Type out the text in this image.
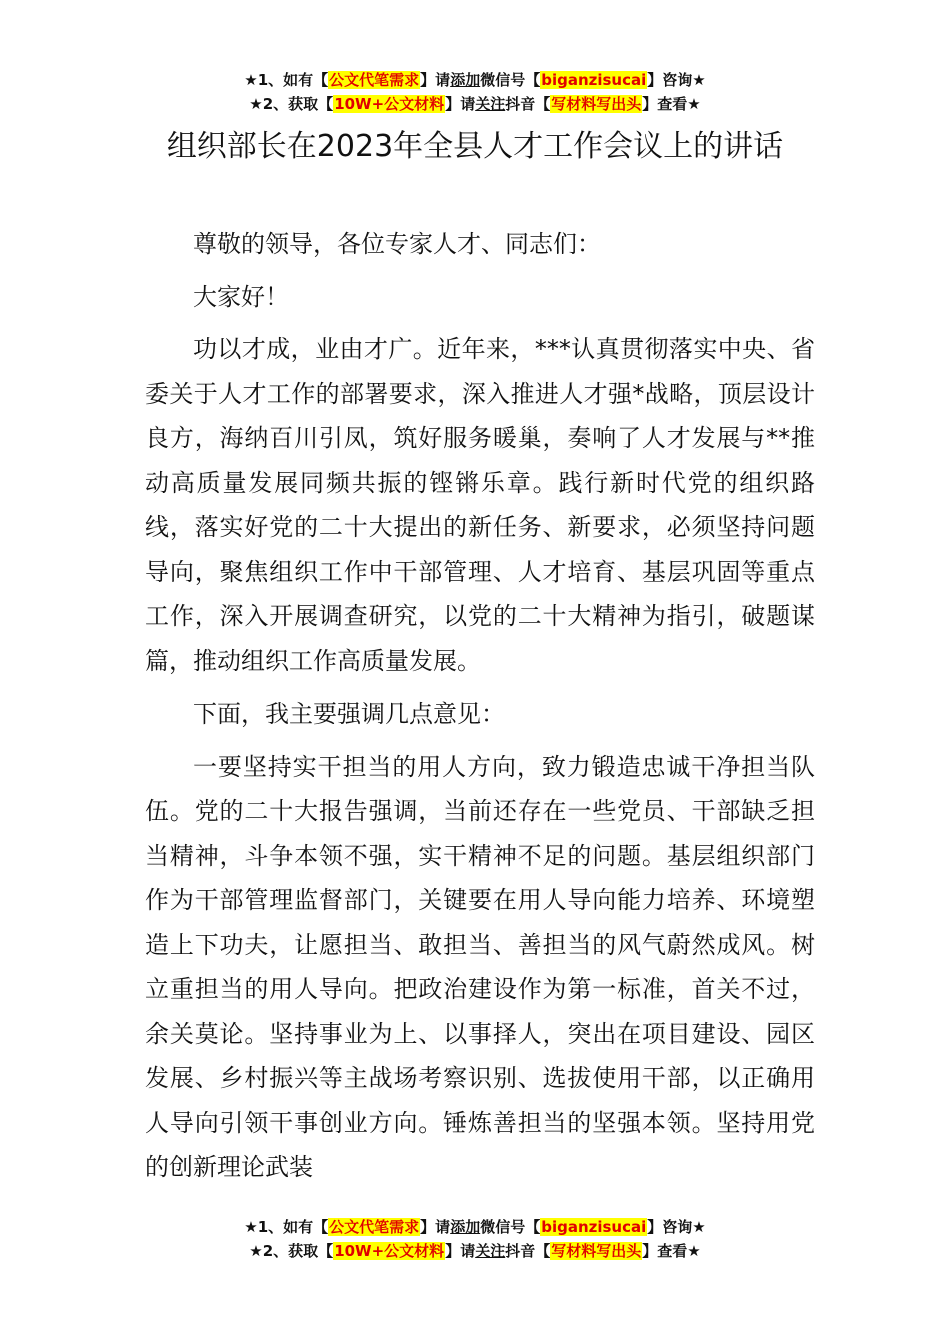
★1、如有【公文代笔需求】请添加微信号【biganzisucai】咨询★
★2、获取【10W+公文材料】请关注抖音【写材料写出头】查看★
组织部长在2023年全县人才工作会议上的讲话

尊敬的领导，各位专家人才、同志们：

大家好！

功以才成，业由才广。近年来，***认真贯彻落实中央、省委关于人才工作的部署要求，深入推进人才强*战略，顶层设计良方，海纳百川引凤，筑好服务暖巢，奏响了人才发展与**推动高质量发展同频共振的铿锵乐章。践行新时代党的组织路线，落实好党的二十大提出的新任务、新要求，必须坚持问题导向，聚焦组织工作中干部管理、人才培育、基层巩固等重点工作，深入开展调查研究，以党的二十大精神为指引，破题谋篇，推动组织工作高质量发展。

下面，我主要强调几点意见：

一要坚持实干担当的用人方向，致力锻造忠诚干净担当队伍。党的二十大报告强调，当前还存在一些党员、干部缺乏担当精神，斗争本领不强，实干精神不足的问题。基层组织部门作为干部管理监督部门，关键要在用人导向能力培养、环境塑造上下功夫，让愿担当、敢担当、善担当的风气蔚然成风。树立重担当的用人导向。把政治建设作为第一标准，首关不过，余关莫论。坚持事业为上、以事择人，突出在项目建设、园区发展、乡村振兴等主战场考察识别、选拔使用干部，以正确用人导向引领干事创业方向。锤炼善担当的坚强本领。坚持用党的创新理论武装

★1、如有【公文代笔需求】请添加微信号【biganzisucai】咨询★
★2、获取【10W+公文材料】请关注抖音【写材料写出头】查看★
